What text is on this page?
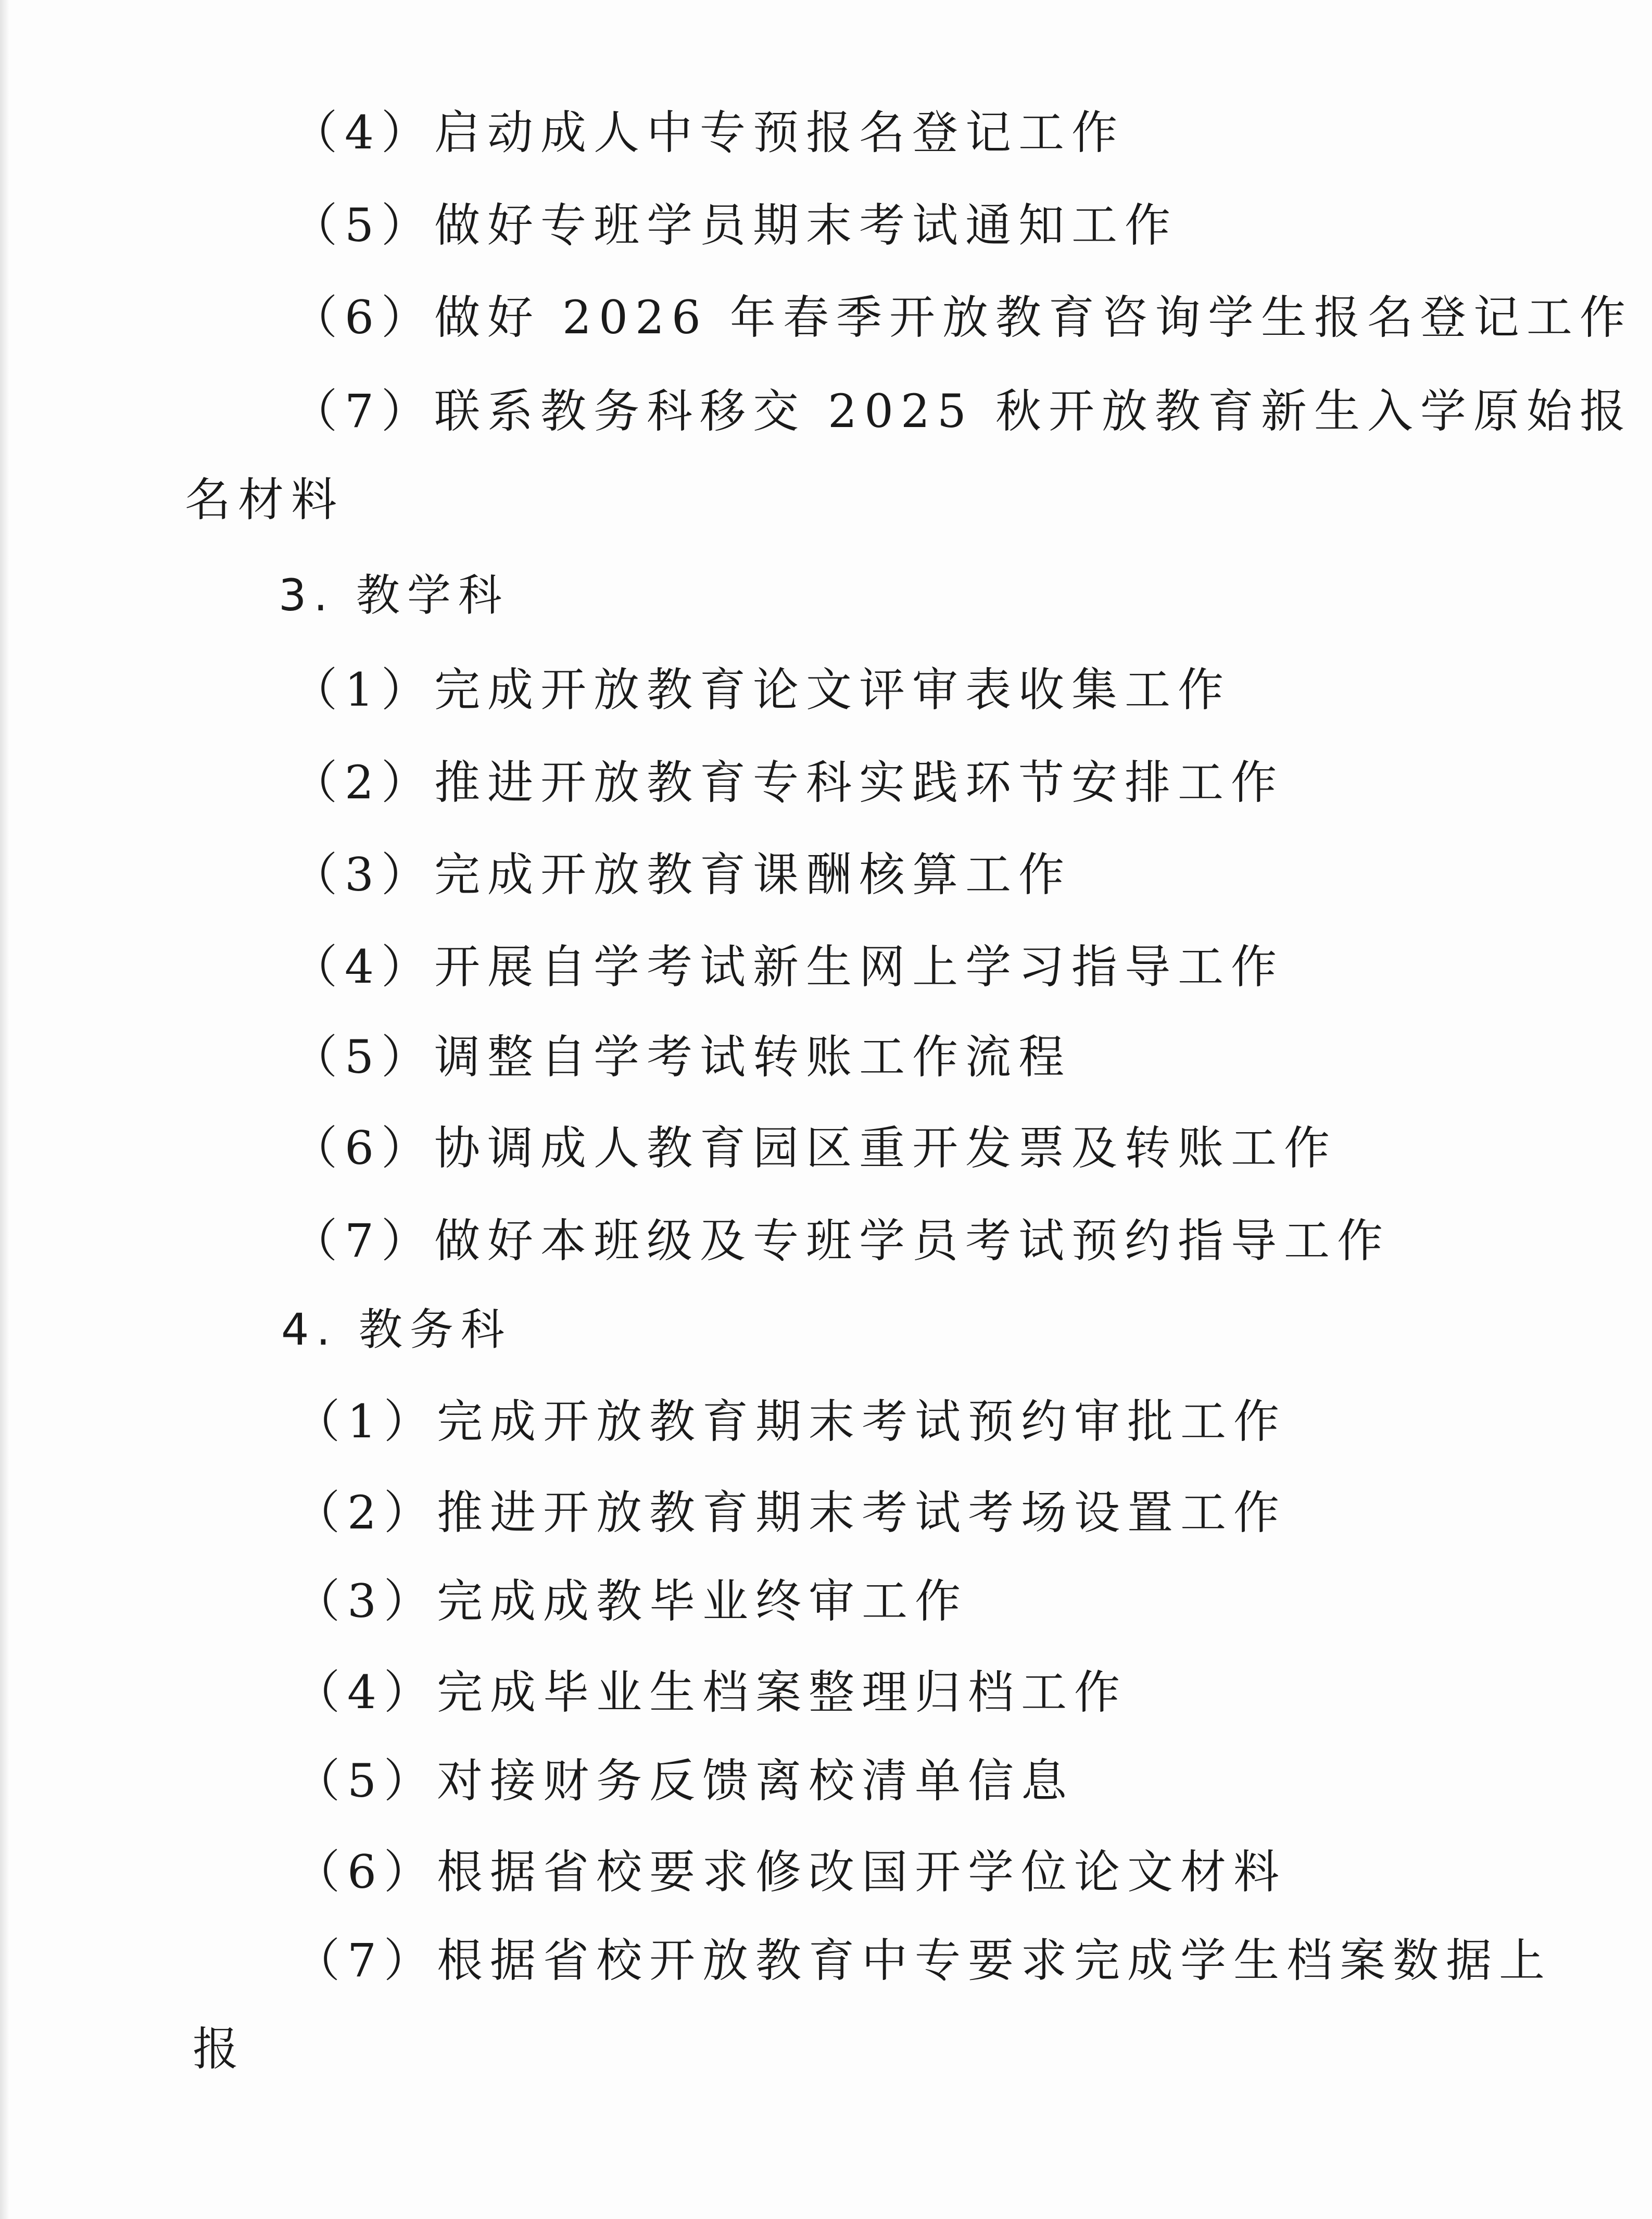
（4）启动成人中专预报名登记工作
（5）做好专班学员期末考试通知工作
（6）做好 2026 年春季开放教育咨询学生报名登记工作
（7）联系教务科移交 2025 秋开放教育新生入学原始报
名材料
3. 教学科
（1）完成开放教育论文评审表收集工作
（2）推进开放教育专科实践环节安排工作
（3）完成开放教育课酬核算工作
（4）开展自学考试新生网上学习指导工作
（5）调整自学考试转账工作流程
（6）协调成人教育园区重开发票及转账工作
（7）做好本班级及专班学员考试预约指导工作
4. 教务科
（1）完成开放教育期末考试预约审批工作
（2）推进开放教育期末考试考场设置工作
（3）完成成教毕业终审工作
（4）完成毕业生档案整理归档工作
（5）对接财务反馈离校清单信息
（6）根据省校要求修改国开学位论文材料
（7）根据省校开放教育中专要求完成学生档案数据上
报
